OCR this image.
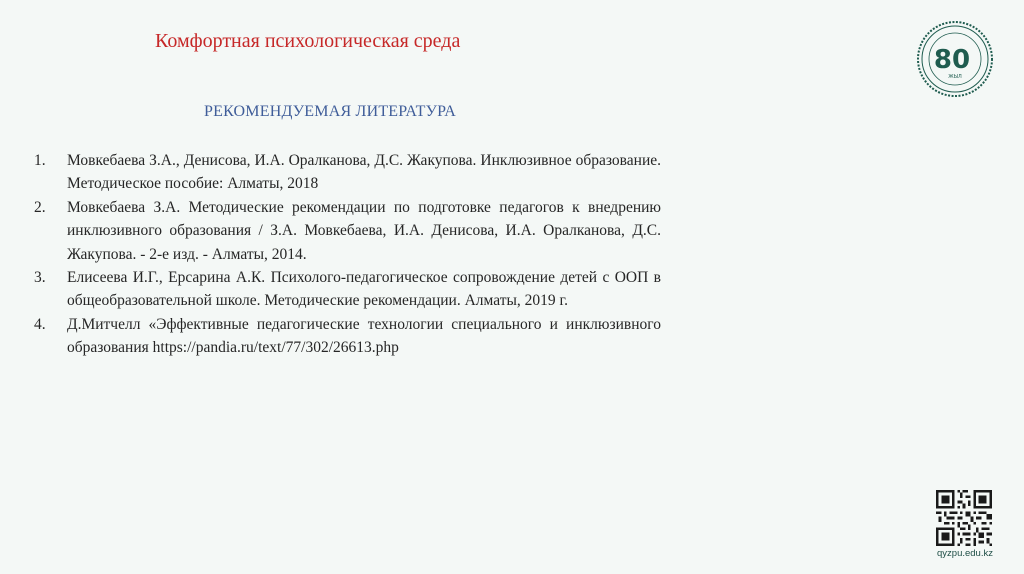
Комфортная психологическая среда
80
ЖЫЛ
РЕКОМЕНДУЕМАЯ ЛИТЕРАТУРА
1.	Мовкебаева З.А., Денисова, И.А. Оралканова, Д.С. Жакупова. Инклюзивное образование. Методическое пособие: Алматы, 2018
2.	Мовкебаева З.А. Методические рекомендации по подготовке педагогов к внедрению инклюзивного образования / З.А. Мовкебаева, И.А. Денисова, И.А. Оралканова, Д.С. Жакупова. - 2-е изд. - Алматы, 2014.
3.	Елисеева И.Г., Ерсарина А.К. Психолого-педагогическое сопровождение детей с ООП в общеобразовательной школе. Методические рекомендации. Алматы, 2019 г.
4.	Д.Митчелл «Эффективные педагогические технологии специального и инклюзивного образования https://pandia.ru/text/77/302/26613.php
qyzpu.edu.kz
